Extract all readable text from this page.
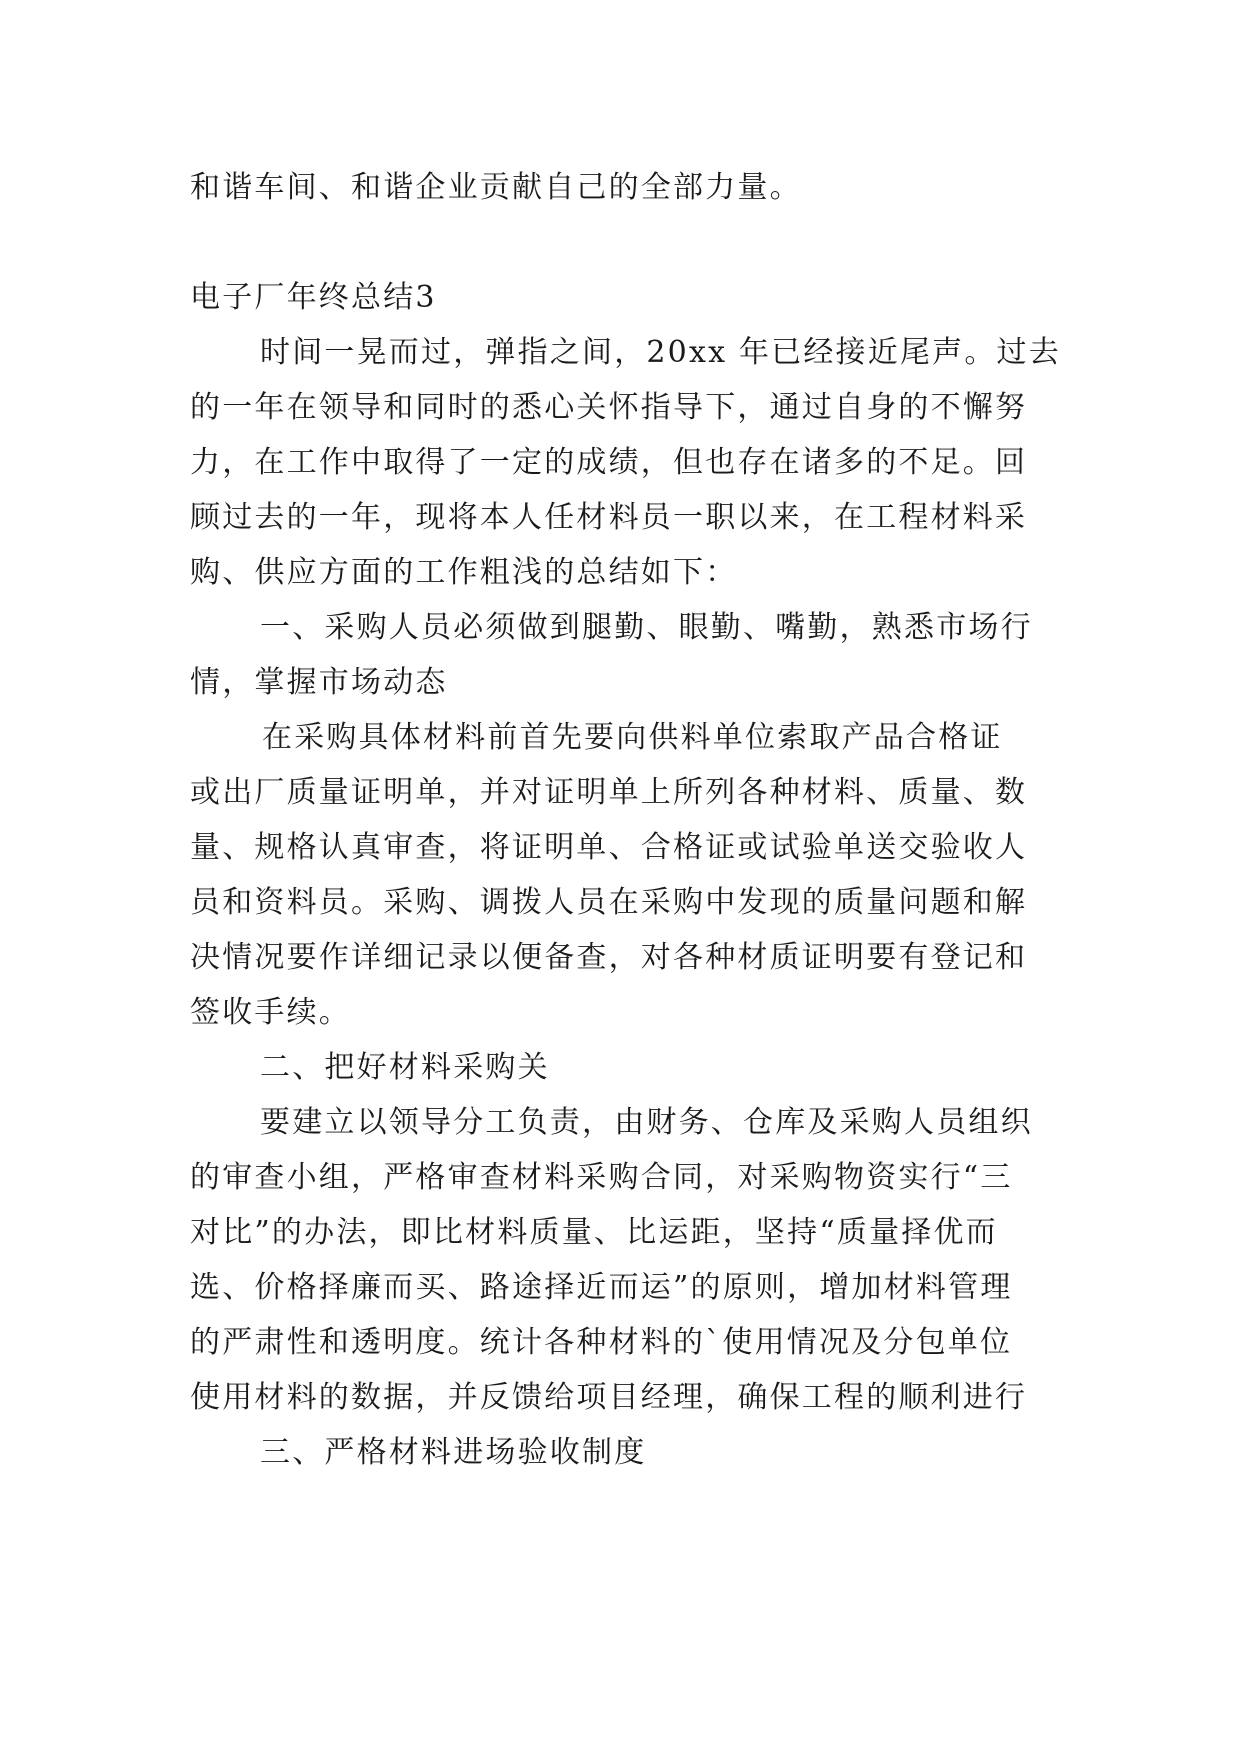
和谐车间、和谐企业贡献自己的全部力量。
电子厂年终总结3
时间一晃而过，弹指之间，20xx 年已经接近尾声。过去
的一年在领导和同时的悉心关怀指导下，通过自身的不懈努
力，在工作中取得了一定的成绩，但也存在诸多的不足。回
顾过去的一年，现将本人任材料员一职以来，在工程材料采
购、供应方面的工作粗浅的总结如下：
一、采购人员必须做到腿勤、眼勤、嘴勤，熟悉市场行
情，掌握市场动态
在采购具体材料前首先要向供料单位索取产品合格证
或出厂质量证明单，并对证明单上所列各种材料、质量、数
量、规格认真审查，将证明单、合格证或试验单送交验收人
员和资料员。采购、调拨人员在采购中发现的质量问题和解
决情况要作详细记录以便备查，对各种材质证明要有登记和
签收手续。
二、把好材料采购关
要建立以领导分工负责，由财务、仓库及采购人员组织
的审查小组，严格审查材料采购合同，对采购物资实行“三
对比”的办法，即比材料质量、比运距，坚持“质量择优而
选、价格择廉而买、路途择近而运”的原则，增加材料管理
的严肃性和透明度。统计各种材料的`使用情况及分包单位
使用材料的数据，并反馈给项目经理，确保工程的顺利进行
三、严格材料进场验收制度
